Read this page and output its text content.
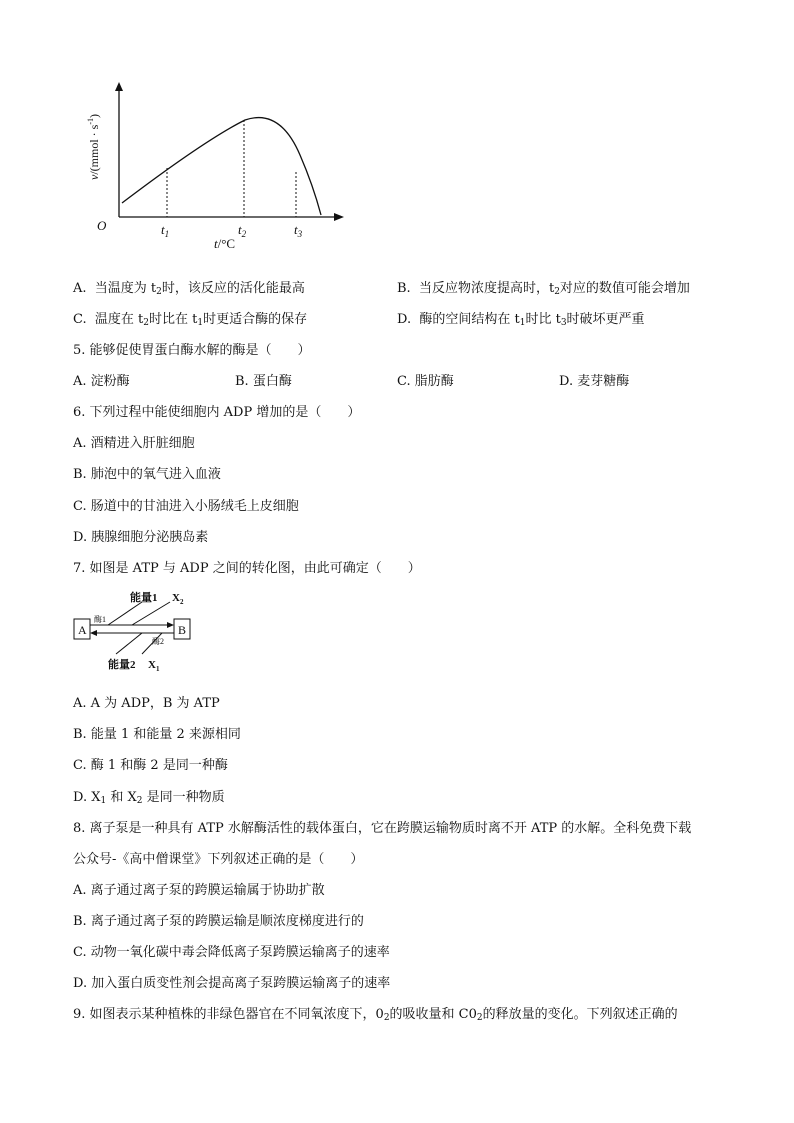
O	$t_1$	$t_2$	$t_3$
t/°C
v/(mmol · $s^{-1}$)
A. 当温度为 $t_2$时，该反应的活化能最高	B. 当反应物浓度提高时，$t_2$对应的数值可能会增加
C. 温度在 $t_2$时比在 $t_1$时更适合酶的保存	D. 酶的空间结构在 $t_1$时比 $t_3$时破坏更严重
5. 能够促使胃蛋白酶水解的酶是（　　）
A. 淀粉酶	B. 蛋白酶	C. 脂肪酶	D. 麦芽糖酶
6. 下列过程中能使细胞内 ADP 增加的是（　　）
A. 酒精进入肝脏细胞
B. 肺泡中的氧气进入血液
C. 肠道中的甘油进入小肠绒毛上皮细胞
D. 胰腺细胞分泌胰岛素
7. 如图是 ATP 与 ADP 之间的转化图，由此可确定（　　）
A	B
能量1 $X_2$
酶1
酶2
能量2 $X_1$
A. A 为 ADP，B 为 ATP
B. 能量 1 和能量 2 来源相同
C. 酶 1 和酶 2 是同一种酶
D. $X_1$ 和 $X_2$ 是同一种物质
8. 离子泵是一种具有 ATP 水解酶活性的载体蛋白，它在跨膜运输物质时离不开 ATP 的水解。全科免费下载
公众号-《高中僧课堂》下列叙述正确的是（　　）
A. 离子通过离子泵的跨膜运输属于协助扩散
B. 离子通过离子泵的跨膜运输是顺浓度梯度进行的
C. 动物一氧化碳中毒会降低离子泵跨膜运输离子的速率
D. 加入蛋白质变性剂会提高离子泵跨膜运输离子的速率
9. 如图表示某种植株的非绿色器官在不同氧浓度下，$0_2$的吸收量和 $C0_2$的释放量的变化。下列叙述正确的
